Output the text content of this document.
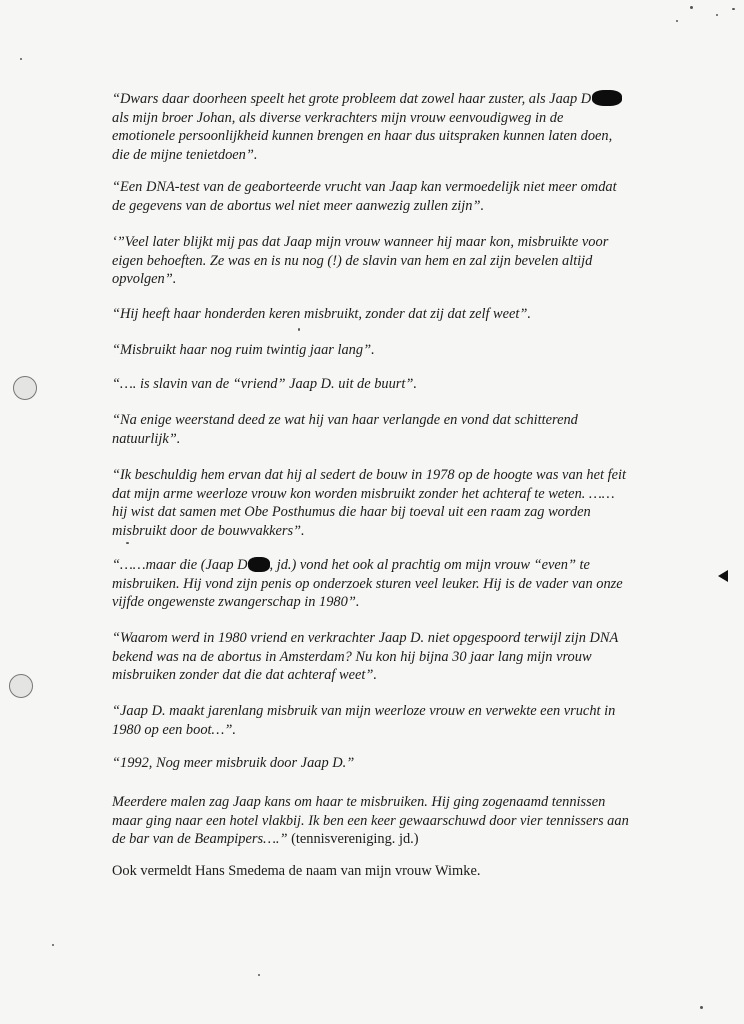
“Dwars daar doorheen speelt het grote probleem dat zowel haar zuster, als Jaap D
als mijn broer Johan, als diverse verkrachters mijn vrouw eenvoudigweg in de
emotionele persoonlijkheid kunnen brengen en haar dus uitspraken kunnen laten doen,
die de mijne tenietdoen”.
“Een DNA-test van de geaborteerde vrucht van Jaap kan vermoedelijk niet meer omdat
de gegevens van de abortus wel niet meer aanwezig zullen zijn”.
‘”Veel later blijkt mij pas dat Jaap mijn vrouw wanneer hij maar kon, misbruikte voor
eigen behoeften. Ze was en is nu nog (!) de slavin van hem en zal zijn bevelen altijd
opvolgen”.
“Hij heeft haar honderden keren misbruikt, zonder dat zij dat zelf weet”.
“Misbruikt haar nog ruim twintig jaar lang”.
“…. is slavin van de “vriend” Jaap D. uit de buurt”.
“Na enige weerstand deed ze wat hij van haar verlangde en vond dat schitterend
natuurlijk”.
“Ik beschuldig hem ervan dat hij al sedert de bouw in 1978 op de hoogte was van het feit
dat mijn arme weerloze vrouw kon worden misbruikt zonder het achteraf te weten. ……
hij wist dat samen met Obe Posthumus die haar bij toeval uit een raam zag worden
misbruikt door de bouwvakkers”.
“……maar die (Jaap D , jd.) vond het ook al prachtig om mijn vrouw “even” te
misbruiken. Hij vond zijn penis op onderzoek sturen veel leuker. Hij is de vader van onze
vijfde ongewenste zwangerschap in 1980”.
“Waarom werd in 1980 vriend en verkrachter Jaap D. niet opgespoord terwijl zijn DNA
bekend was na de abortus in Amsterdam? Nu kon hij bijna 30 jaar lang mijn vrouw
misbruiken zonder dat die dat achteraf weet”.
“Jaap D. maakt jarenlang misbruik van mijn weerloze vrouw en verwekte een vrucht in
1980 op een boot…”.
“1992, Nog meer misbruik door Jaap D.”
Meerdere malen zag Jaap kans om haar te misbruiken. Hij ging zogenaamd tennissen
maar ging naar een hotel vlakbij. Ik ben een keer gewaarschuwd door vier tennissers aan
de bar van de Beampipers….” (tennisvereniging. jd.)
Ook vermeldt Hans Smedema de naam van mijn vrouw Wimke.
